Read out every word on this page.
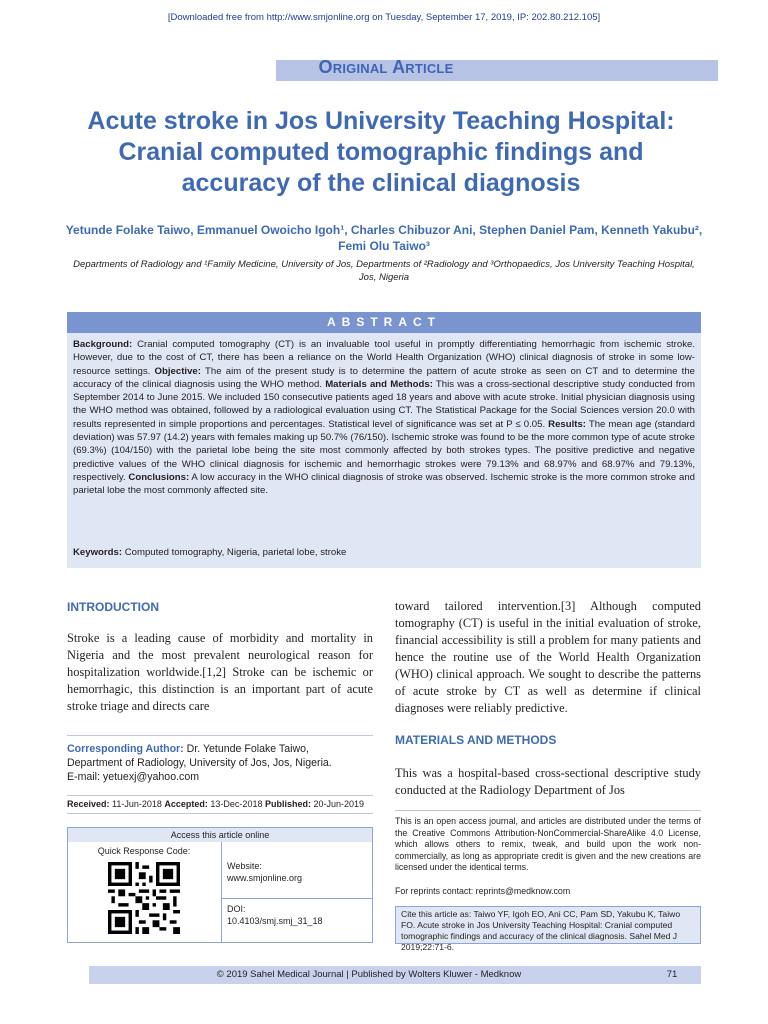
[Downloaded free from http://www.smjonline.org on Tuesday, September 17, 2019, IP: 202.80.212.105]
Original Article
Acute stroke in Jos University Teaching Hospital: Cranial computed tomographic findings and accuracy of the clinical diagnosis
Yetunde Folake Taiwo, Emmanuel Owoicho Igoh¹, Charles Chibuzor Ani, Stephen Daniel Pam, Kenneth Yakubu², Femi Olu Taiwo³
Departments of Radiology and ¹Family Medicine, University of Jos, Departments of ²Radiology and ³Orthopaedics, Jos University Teaching Hospital, Jos, Nigeria
ABSTRACT
Background: Cranial computed tomography (CT) is an invaluable tool useful in promptly differentiating hemorrhagic from ischemic stroke. However, due to the cost of CT, there has been a reliance on the World Health Organization (WHO) clinical diagnosis of stroke in some low-resource settings. Objective: The aim of the present study is to determine the pattern of acute stroke as seen on CT and to determine the accuracy of the clinical diagnosis using the WHO method. Materials and Methods: This was a cross-sectional descriptive study conducted from September 2014 to June 2015. We included 150 consecutive patients aged 18 years and above with acute stroke. Initial physician diagnosis using the WHO method was obtained, followed by a radiological evaluation using CT. The Statistical Package for the Social Sciences version 20.0 with results represented in simple proportions and percentages. Statistical level of significance was set at P ≤ 0.05. Results: The mean age (standard deviation) was 57.97 (14.2) years with females making up 50.7% (76/150). Ischemic stroke was found to be the more common type of acute stroke (69.3%) (104/150) with the parietal lobe being the site most commonly affected by both strokes types. The positive predictive and negative predictive values of the WHO clinical diagnosis for ischemic and hemorrhagic strokes were 79.13% and 68.97% and 68.97% and 79.13%, respectively. Conclusions: A low accuracy in the WHO clinical diagnosis of stroke was observed. Ischemic stroke is the more common stroke and parietal lobe the most commonly affected site.
Keywords: Computed tomography, Nigeria, parietal lobe, stroke
INTRODUCTION
Stroke is a leading cause of morbidity and mortality in Nigeria and the most prevalent neurological reason for hospitalization worldwide.[1,2] Stroke can be ischemic or hemorrhagic, this distinction is an important part of acute stroke triage and directs care
Corresponding Author: Dr. Yetunde Folake Taiwo,
Department of Radiology, University of Jos, Jos, Nigeria.
E-mail: yetuexj@yahoo.com
Received: 11-Jun-2018 Accepted: 13-Dec-2018 Published: 20-Jun-2019
Access this article online
Quick Response Code:
Website:
www.smjonline.org
DOI:
10.4103/smj.smj_31_18
toward tailored intervention.[3] Although computed tomography (CT) is useful in the initial evaluation of stroke, financial accessibility is still a problem for many patients and hence the routine use of the World Health Organization (WHO) clinical approach. We sought to describe the patterns of acute stroke by CT as well as determine if clinical diagnoses were reliably predictive.
MATERIALS AND METHODS
This was a hospital-based cross-sectional descriptive study conducted at the Radiology Department of Jos
This is an open access journal, and articles are distributed under the terms of the Creative Commons Attribution-NonCommercial-ShareAlike 4.0 License, which allows others to remix, tweak, and build upon the work non-commercially, as long as appropriate credit is given and the new creations are licensed under the identical terms.
For reprints contact: reprints@medknow.com
Cite this article as: Taiwo YF, Igoh EO, Ani CC, Pam SD, Yakubu K, Taiwo FO. Acute stroke in Jos University Teaching Hospital: Cranial computed tomographic findings and accuracy of the clinical diagnosis. Sahel Med J 2019;22:71-6.
© 2019 Sahel Medical Journal | Published by Wolters Kluwer - Medknow	71
